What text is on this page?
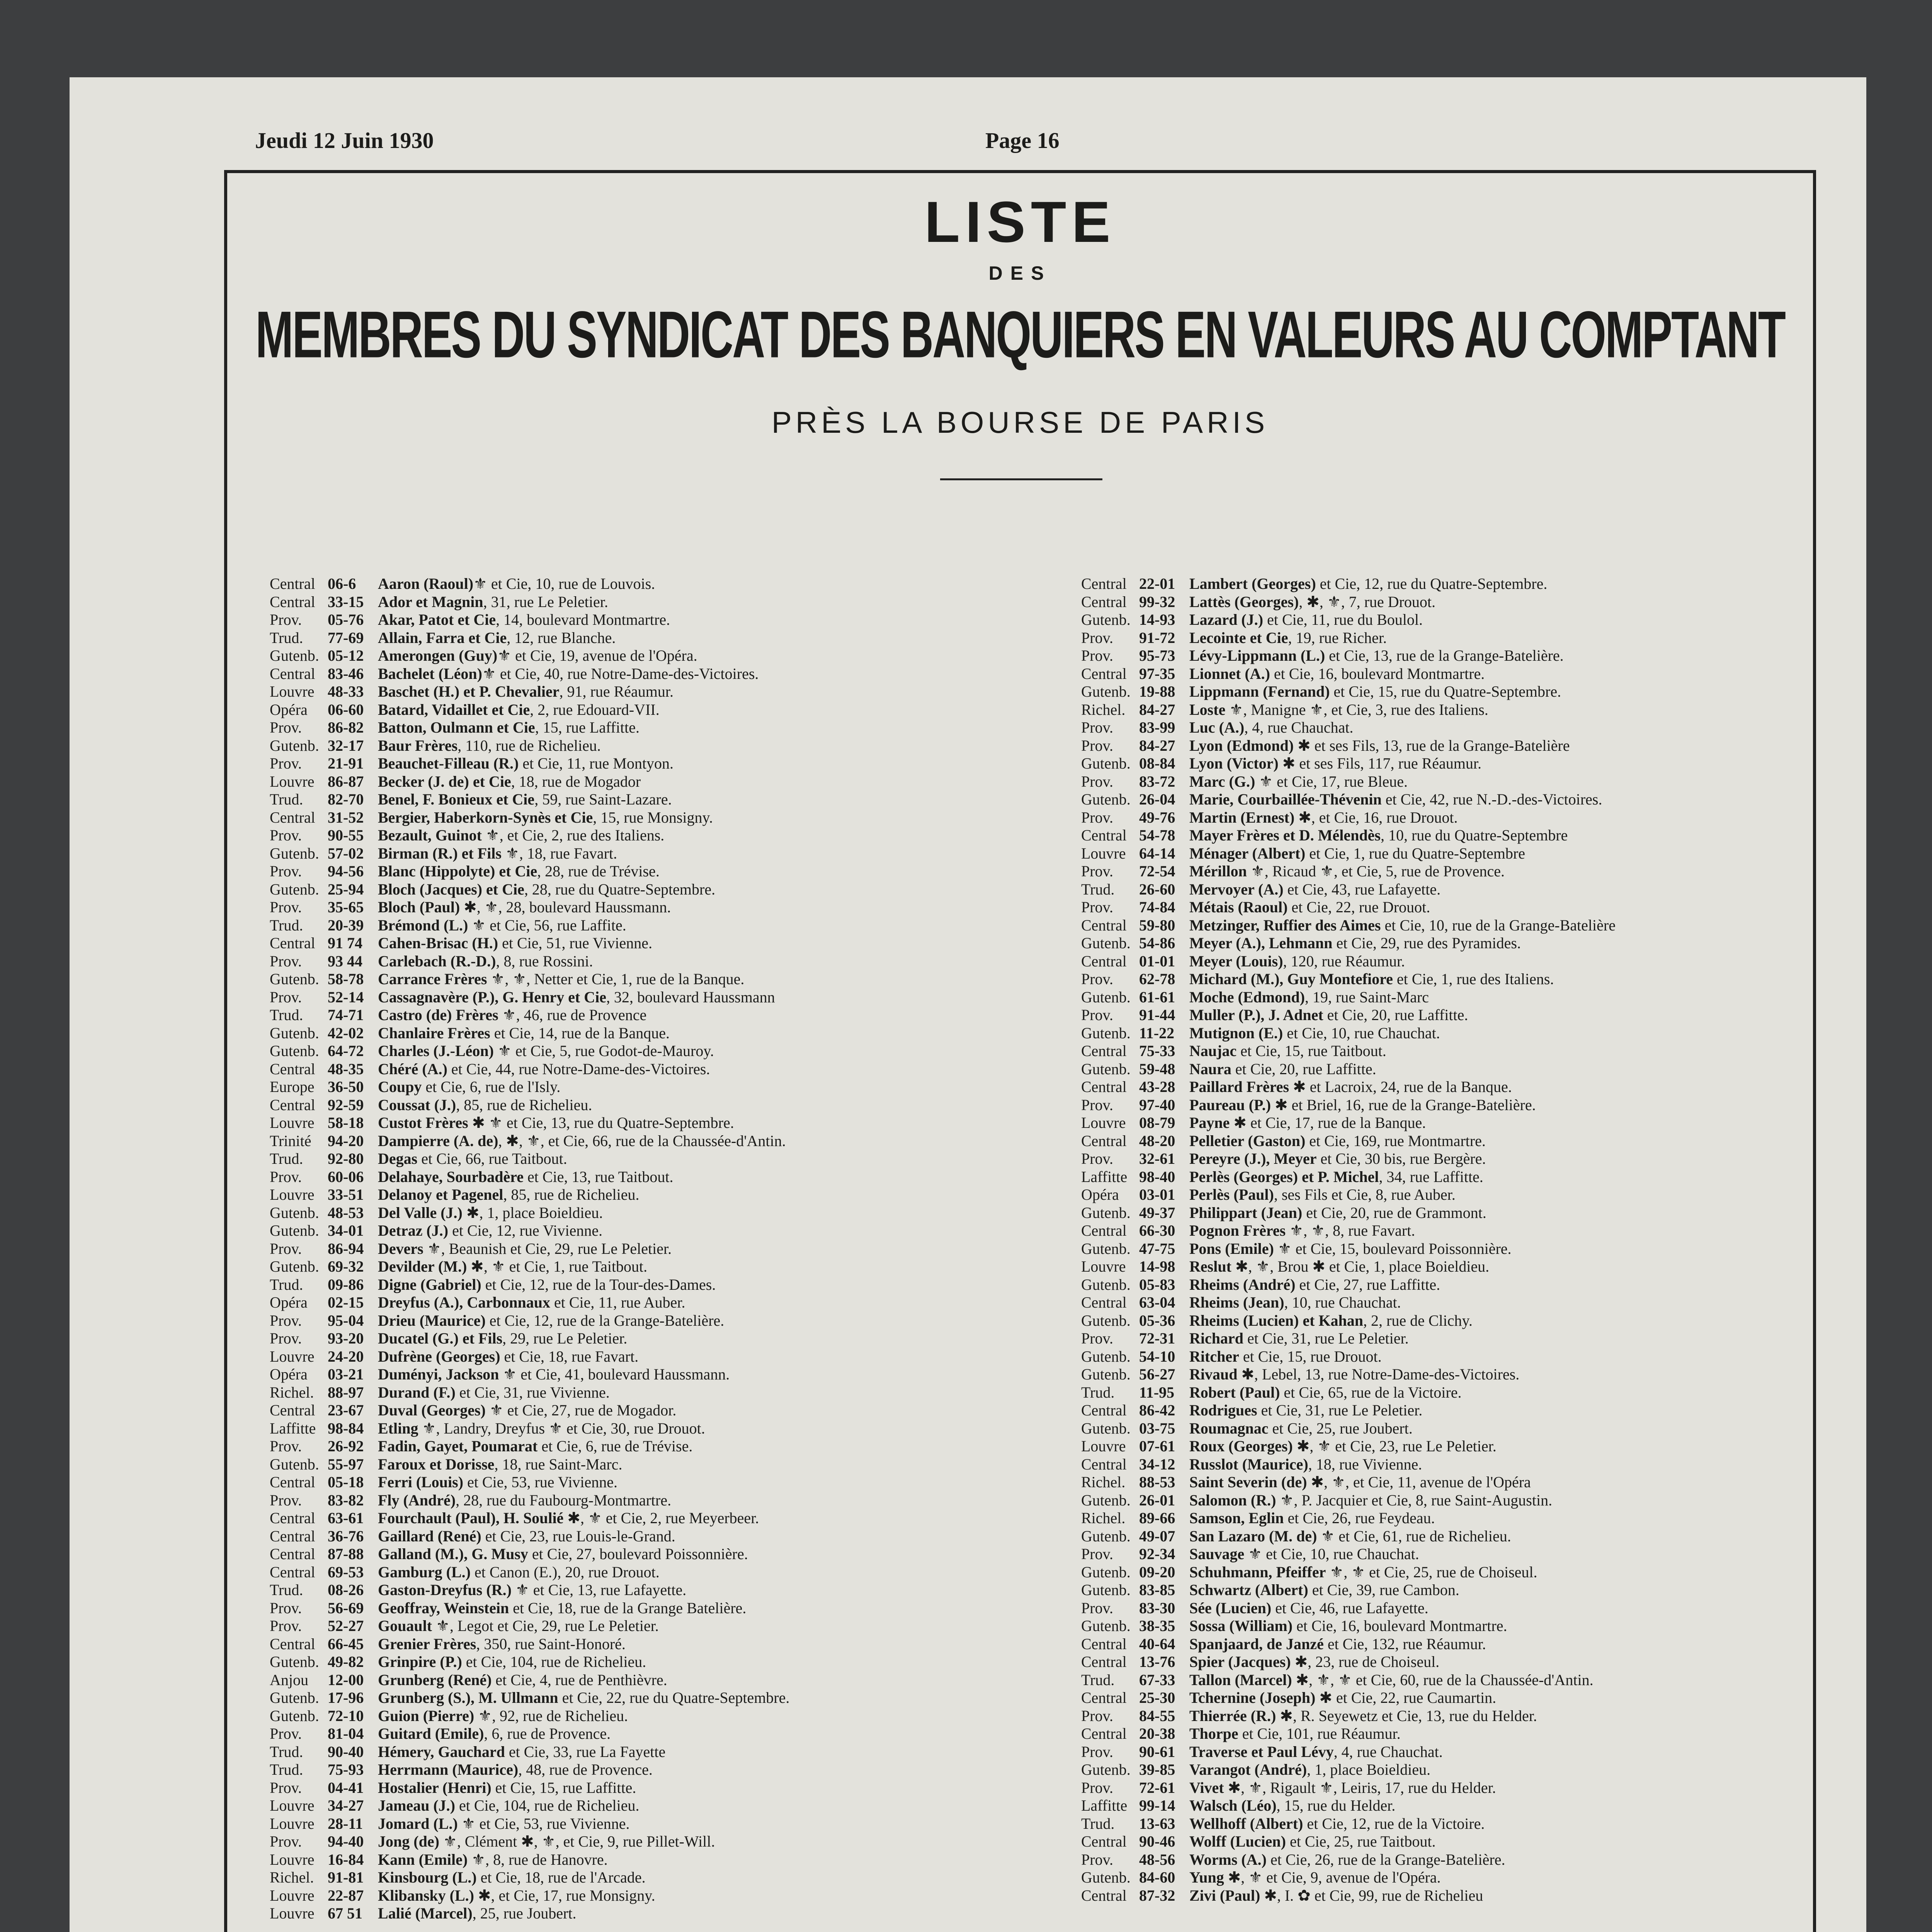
Jeudi 12 Juin 1930	Page 16
LISTE
DES
MEMBRES DU SYNDICAT DES BANQUIERS EN VALEURS AU COMPTANT
PRÈS LA BOURSE DE PARIS
Central 06-6 Aaron (Raoul)⚜ et Cie, 10, rue de Louvois.
Central 33-15 Ador et Magnin, 31, rue Le Peletier.
Prov. 05-76 Akar, Patot et Cie, 14, boulevard Montmartre.
Trud. 77-69 Allain, Farra et Cie, 12, rue Blanche.
Gutenb. 05-12 Amerongen (Guy)⚜ et Cie, 19, avenue de l'Opéra.
Central 83-46 Bachelet (Léon)⚜ et Cie, 40, rue Notre-Dame-des-Victoires.
Louvre 48-33 Baschet (H.) et P. Chevalier, 91, rue Réaumur.
Opéra 06-60 Batard, Vidaillet et Cie, 2, rue Edouard-VII.
Prov. 86-82 Batton, Oulmann et Cie, 15, rue Laffitte.
Gutenb. 32-17 Baur Frères, 110, rue de Richelieu.
Prov. 21-91 Beauchet-Filleau (R.) et Cie, 11, rue Montyon.
Louvre 86-87 Becker (J. de) et Cie, 18, rue de Mogador
Trud. 82-70 Benel, F. Bonieux et Cie, 59, rue Saint-Lazare.
Central 31-52 Bergier, Haberkorn-Synès et Cie, 15, rue Monsigny.
Prov. 90-55 Bezault, Guinot ⚜, et Cie, 2, rue des Italiens.
Gutenb. 57-02 Birman (R.) et Fils ⚜, 18, rue Favart.
Prov. 94-56 Blanc (Hippolyte) et Cie, 28, rue de Trévise.
Gutenb. 25-94 Bloch (Jacques) et Cie, 28, rue du Quatre-Septembre.
Prov. 35-65 Bloch (Paul) ✱, ⚜, 28, boulevard Haussmann.
Trud. 20-39 Brémond (L.) ⚜ et Cie, 56, rue Laffite.
Central 91 74 Cahen-Brisac (H.) et Cie, 51, rue Vivienne.
Prov. 93 44 Carlebach (R.-D.), 8, rue Rossini.
Gutenb. 58-78 Carrance Frères ⚜, ⚜, Netter et Cie, 1, rue de la Banque.
Prov. 52-14 Cassagnavère (P.), G. Henry et Cie, 32, boulevard Haussmann
Trud. 74-71 Castro (de) Frères ⚜, 46, rue de Provence
Gutenb. 42-02 Chanlaire Frères et Cie, 14, rue de la Banque.
Gutenb. 64-72 Charles (J.-Léon) ⚜ et Cie, 5, rue Godot-de-Mauroy.
Central 48-35 Chéré (A.) et Cie, 44, rue Notre-Dame-des-Victoires.
Europe 36-50 Coupy et Cie, 6, rue de l'Isly.
Central 92-59 Coussat (J.), 85, rue de Richelieu.
Louvre 58-18 Custot Frères ✱ ⚜ et Cie, 13, rue du Quatre-Septembre.
Trinité 94-20 Dampierre (A. de), ✱, ⚜, et Cie, 66, rue de la Chaussée-d'Antin.
Trud. 92-80 Degas et Cie, 66, rue Taitbout.
Prov. 60-06 Delahaye, Sourbadère et Cie, 13, rue Taitbout.
Louvre 33-51 Delanoy et Pagenel, 85, rue de Richelieu.
Gutenb. 48-53 Del Valle (J.) ✱, 1, place Boieldieu.
Gutenb. 34-01 Detraz (J.) et Cie, 12, rue Vivienne.
Prov. 86-94 Devers ⚜, Beaunish et Cie, 29, rue Le Peletier.
Gutenb. 69-32 Devilder (M.) ✱, ⚜ et Cie, 1, rue Taitbout.
Trud. 09-86 Digne (Gabriel) et Cie, 12, rue de la Tour-des-Dames.
Opéra 02-15 Dreyfus (A.), Carbonnaux et Cie, 11, rue Auber.
Prov. 95-04 Drieu (Maurice) et Cie, 12, rue de la Grange-Batelière.
Prov. 93-20 Ducatel (G.) et Fils, 29, rue Le Peletier.
Louvre 24-20 Dufrène (Georges) et Cie, 18, rue Favart.
Opéra 03-21 Duményi, Jackson ⚜ et Cie, 41, boulevard Haussmann.
Richel. 88-97 Durand (F.) et Cie, 31, rue Vivienne.
Central 23-67 Duval (Georges) ⚜ et Cie, 27, rue de Mogador.
Laffitte 98-84 Etling ⚜, Landry, Dreyfus ⚜ et Cie, 30, rue Drouot.
Prov. 26-92 Fadin, Gayet, Poumarat et Cie, 6, rue de Trévise.
Gutenb. 55-97 Faroux et Dorisse, 18, rue Saint-Marc.
Central 05-18 Ferri (Louis) et Cie, 53, rue Vivienne.
Prov. 83-82 Fly (André), 28, rue du Faubourg-Montmartre.
Central 63-61 Fourchault (Paul), H. Soulié ✱, ⚜ et Cie, 2, rue Meyerbeer.
Central 36-76 Gaillard (René) et Cie, 23, rue Louis-le-Grand.
Central 87-88 Galland (M.), G. Musy et Cie, 27, boulevard Poissonnière.
Central 69-53 Gamburg (L.) et Canon (E.), 20, rue Drouot.
Trud. 08-26 Gaston-Dreyfus (R.) ⚜ et Cie, 13, rue Lafayette.
Prov. 56-69 Geoffray, Weinstein et Cie, 18, rue de la Grange Batelière.
Prov. 52-27 Gouault ⚜, Legot et Cie, 29, rue Le Peletier.
Central 66-45 Grenier Frères, 350, rue Saint-Honoré.
Gutenb. 49-82 Grinpire (P.) et Cie, 104, rue de Richelieu.
Anjou 12-00 Grunberg (René) et Cie, 4, rue de Penthièvre.
Gutenb. 17-96 Grunberg (S.), M. Ullmann et Cie, 22, rue du Quatre-Septembre.
Gutenb. 72-10 Guion (Pierre) ⚜, 92, rue de Richelieu.
Prov. 81-04 Guitard (Emile), 6, rue de Provence.
Trud. 90-40 Hémery, Gauchard et Cie, 33, rue La Fayette
Trud. 75-93 Herrmann (Maurice), 48, rue de Provence.
Prov. 04-41 Hostalier (Henri) et Cie, 15, rue Laffitte.
Louvre 34-27 Jameau (J.) et Cie, 104, rue de Richelieu.
Louvre 28-11 Jomard (L.) ⚜ et Cie, 53, rue Vivienne.
Prov. 94-40 Jong (de) ⚜, Clément ✱, ⚜, et Cie, 9, rue Pillet-Will.
Louvre 16-84 Kann (Emile) ⚜, 8, rue de Hanovre.
Richel. 91-81 Kinsbourg (L.) et Cie, 18, rue de l'Arcade.
Louvre 22-87 Klibansky (L.) ✱, et Cie, 17, rue Monsigny.
Louvre 67 51 Lalié (Marcel), 25, rue Joubert.
Central 22-01 Lambert (Georges) et Cie, 12, rue du Quatre-Septembre.
Central 99-32 Lattès (Georges), ✱, ⚜, 7, rue Drouot.
Gutenb. 14-93 Lazard (J.) et Cie, 11, rue du Boulol.
Prov. 91-72 Lecointe et Cie, 19, rue Richer.
Prov. 95-73 Lévy-Lippmann (L.) et Cie, 13, rue de la Grange-Batelière.
Central 97-35 Lionnet (A.) et Cie, 16, boulevard Montmartre.
Gutenb. 19-88 Lippmann (Fernand) et Cie, 15, rue du Quatre-Septembre.
Richel. 84-27 Loste ⚜, Manigne ⚜, et Cie, 3, rue des Italiens.
Prov. 83-99 Luc (A.), 4, rue Chauchat.
Prov. 84-27 Lyon (Edmond) ✱ et ses Fils, 13, rue de la Grange-Batelière
Gutenb. 08-84 Lyon (Victor) ✱ et ses Fils, 117, rue Réaumur.
Prov. 83-72 Marc (G.) ⚜ et Cie, 17, rue Bleue.
Gutenb. 26-04 Marie, Courbaillée-Thévenin et Cie, 42, rue N.-D.-des-Victoires.
Prov. 49-76 Martin (Ernest) ✱, et Cie, 16, rue Drouot.
Central 54-78 Mayer Frères et D. Mélendès, 10, rue du Quatre-Septembre
Louvre 64-14 Ménager (Albert) et Cie, 1, rue du Quatre-Septembre
Prov. 72-54 Mérillon ⚜, Ricaud ⚜, et Cie, 5, rue de Provence.
Trud. 26-60 Mervoyer (A.) et Cie, 43, rue Lafayette.
Prov. 74-84 Métais (Raoul) et Cie, 22, rue Drouot.
Central 59-80 Metzinger, Ruffier des Aimes et Cie, 10, rue de la Grange-Batelière
Gutenb. 54-86 Meyer (A.), Lehmann et Cie, 29, rue des Pyramides.
Central 01-01 Meyer (Louis), 120, rue Réaumur.
Prov. 62-78 Michard (M.), Guy Montefiore et Cie, 1, rue des Italiens.
Gutenb. 61-61 Moche (Edmond), 19, rue Saint-Marc
Prov. 91-44 Muller (P.), J. Adnet et Cie, 20, rue Laffitte.
Gutenb. 11-22 Mutignon (E.) et Cie, 10, rue Chauchat.
Central 75-33 Naujac et Cie, 15, rue Taitbout.
Gutenb. 59-48 Naura et Cie, 20, rue Laffitte.
Central 43-28 Paillard Frères ✱ et Lacroix, 24, rue de la Banque.
Prov. 97-40 Paureau (P.) ✱ et Briel, 16, rue de la Grange-Batelière.
Louvre 08-79 Payne ✱ et Cie, 17, rue de la Banque.
Central 48-20 Pelletier (Gaston) et Cie, 169, rue Montmartre.
Prov. 32-61 Pereyre (J.), Meyer et Cie, 30 bis, rue Bergère.
Laffitte 98-40 Perlès (Georges) et P. Michel, 34, rue Laffitte.
Opéra 03-01 Perlès (Paul), ses Fils et Cie, 8, rue Auber.
Gutenb. 49-37 Philippart (Jean) et Cie, 20, rue de Grammont.
Central 66-30 Pognon Frères ⚜, ⚜, 8, rue Favart.
Gutenb. 47-75 Pons (Emile) ⚜ et Cie, 15, boulevard Poissonnière.
Louvre 14-98 Reslut ✱, ⚜, Brou ✱ et Cie, 1, place Boieldieu.
Gutenb. 05-83 Rheims (André) et Cie, 27, rue Laffitte.
Central 63-04 Rheims (Jean), 10, rue Chauchat.
Gutenb. 05-36 Rheims (Lucien) et Kahan, 2, rue de Clichy.
Prov. 72-31 Richard et Cie, 31, rue Le Peletier.
Gutenb. 54-10 Ritcher et Cie, 15, rue Drouot.
Gutenb. 56-27 Rivaud ✱, Lebel, 13, rue Notre-Dame-des-Victoires.
Trud. 11-95 Robert (Paul) et Cie, 65, rue de la Victoire.
Central 86-42 Rodrigues et Cie, 31, rue Le Peletier.
Gutenb. 03-75 Roumagnac et Cie, 25, rue Joubert.
Louvre 07-61 Roux (Georges) ✱, ⚜ et Cie, 23, rue Le Peletier.
Central 34-12 Russlot (Maurice), 18, rue Vivienne.
Richel. 88-53 Saint Severin (de) ✱, ⚜, et Cie, 11, avenue de l'Opéra
Gutenb. 26-01 Salomon (R.) ⚜, P. Jacquier et Cie, 8, rue Saint-Augustin.
Richel. 89-66 Samson, Eglin et Cie, 26, rue Feydeau.
Gutenb. 49-07 San Lazaro (M. de) ⚜ et Cie, 61, rue de Richelieu.
Prov. 92-34 Sauvage ⚜ et Cie, 10, rue Chauchat.
Gutenb. 09-20 Schuhmann, Pfeiffer ⚜, ⚜ et Cie, 25, rue de Choiseul.
Gutenb. 83-85 Schwartz (Albert) et Cie, 39, rue Cambon.
Prov. 83-30 Sée (Lucien) et Cie, 46, rue Lafayette.
Gutenb. 38-35 Sossa (William) et Cie, 16, boulevard Montmartre.
Central 40-64 Spanjaard, de Janzé et Cie, 132, rue Réaumur.
Central 13-76 Spier (Jacques) ✱, 23, rue de Choiseul.
Trud. 67-33 Tallon (Marcel) ✱, ⚜, ⚜ et Cie, 60, rue de la Chaussée-d'Antin.
Central 25-30 Tchernine (Joseph) ✱ et Cie, 22, rue Caumartin.
Prov. 84-55 Thierrée (R.) ✱, R. Seyewetz et Cie, 13, rue du Helder.
Central 20-38 Thorpe et Cie, 101, rue Réaumur.
Prov. 90-61 Traverse et Paul Lévy, 4, rue Chauchat.
Gutenb. 39-85 Varangot (André), 1, place Boieldieu.
Prov. 72-61 Vivet ✱, ⚜, Rigault ⚜, Leiris, 17, rue du Helder.
Laffitte 99-14 Walsch (Léo), 15, rue du Helder.
Trud. 13-63 Wellhoff (Albert) et Cie, 12, rue de la Victoire.
Central 90-46 Wolff (Lucien) et Cie, 25, rue Taitbout.
Prov. 48-56 Worms (A.) et Cie, 26, rue de la Grange-Batelière.
Gutenb. 84-60 Yung ✱, ⚜ et Cie, 9, avenue de l'Opéra.
Central 87-32 Zivi (Paul) ✱, I. ✿ et Cie, 99, rue de Richelieu
